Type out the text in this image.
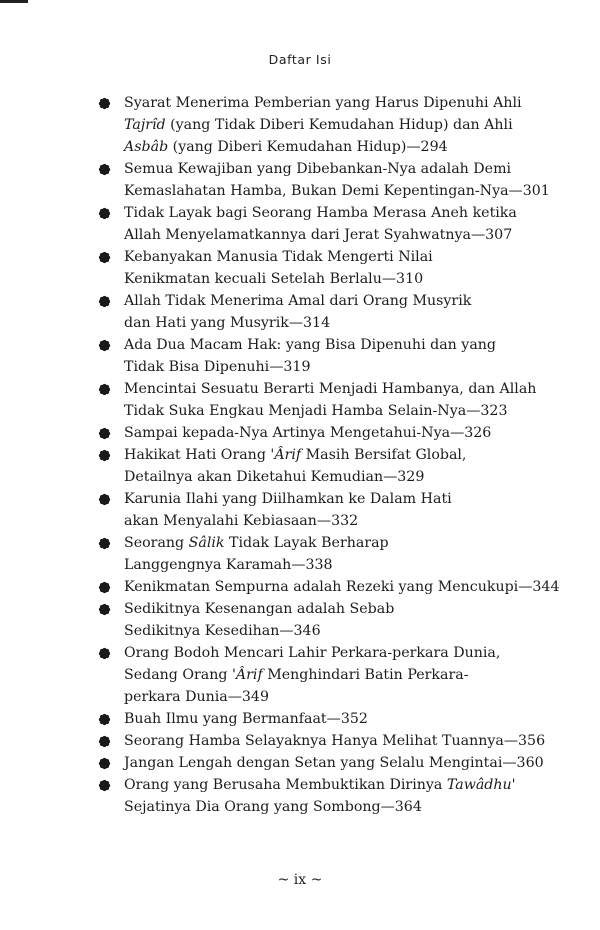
Daftar Isi
Syarat Menerima Pemberian yang Harus Dipenuhi Ahli
Tajrîd (yang Tidak Diberi Kemudahan Hidup) dan Ahli
Asbâb (yang Diberi Kemudahan Hidup)—294
Semua Kewajiban yang Dibebankan-Nya adalah Demi
Kemaslahatan Hamba, Bukan Demi Kepentingan-Nya—301
Tidak Layak bagi Seorang Hamba Merasa Aneh ketika
Allah Menyelamatkannya dari Jerat Syahwatnya—307
Kebanyakan Manusia Tidak Mengerti Nilai
Kenikmatan kecuali Setelah Berlalu—310
Allah Tidak Menerima Amal dari Orang Musyrik
dan Hati yang Musyrik—314
Ada Dua Macam Hak: yang Bisa Dipenuhi dan yang
Tidak Bisa Dipenuhi—319
Mencintai Sesuatu Berarti Menjadi Hambanya, dan Allah
Tidak Suka Engkau Menjadi Hamba Selain-Nya—323
Sampai kepada-Nya Artinya Mengetahui-Nya—326
Hakikat Hati Orang 'Ârif Masih Bersifat Global,
Detailnya akan Diketahui Kemudian—329
Karunia Ilahi yang Diilhamkan ke Dalam Hati
akan Menyalahi Kebiasaan—332
Seorang Sâlik Tidak Layak Berharap
Langgengnya Karamah—338
Kenikmatan Sempurna adalah Rezeki yang Mencukupi—344
Sedikitnya Kesenangan adalah Sebab
Sedikitnya Kesedihan—346
Orang Bodoh Mencari Lahir Perkara-perkara Dunia,
Sedang Orang 'Ârif Menghindari Batin Perkara-
perkara Dunia—349
Buah Ilmu yang Bermanfaat—352
Seorang Hamba Selayaknya Hanya Melihat Tuannya—356
Jangan Lengah dengan Setan yang Selalu Mengintai—360
Orang yang Berusaha Membuktikan Dirinya Tawâdhu'
Sejatinya Dia Orang yang Sombong—364
~ ix ~
